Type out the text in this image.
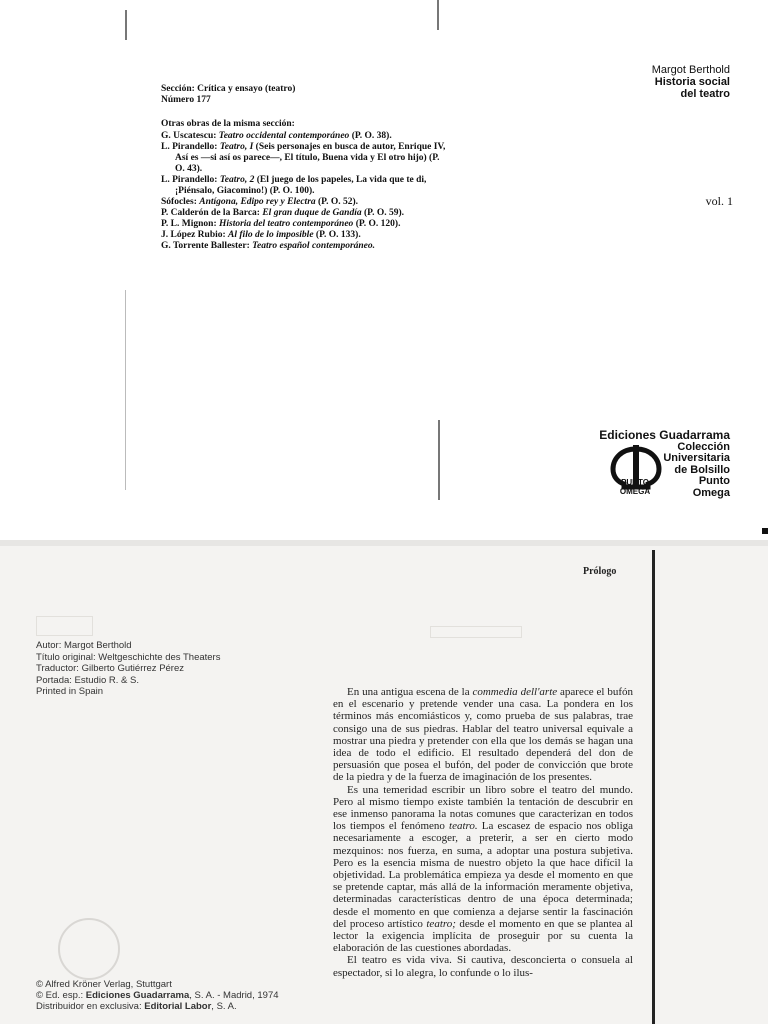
Sección: Crítica y ensayo (teatro)
Número 177
Otras obras de la misma sección:

G. Uscatescu: Teatro occidental contemporáneo (P. O. 38).

L. Pirandello: Teatro, I (Seis personajes en busca de autor, Enrique IV, Así es —si así os parece—, El título, Buena vida y El otro hijo) (P. O. 43).

L. Pirandello: Teatro, 2 (El juego de los papeles, La vida que te di, ¡Piénsalo, Giacomino!) (P. O. 100).

Sófocles: Antígona, Edipo rey y Electra (P. O. 52).

P. Calderón de la Barca: El gran duque de Gandía (P. O. 59).

P. L. Mignon: Historia del teatro contemporáneo (P. O. 120).

J. López Rubio: Al filo de lo imposible (P. O. 133).

G. Torrente Ballester: Teatro español contemporáneo.

Margot Berthold
Historia social
del teatro
vol. 1
PUNTO
OMEGA
Ediciones Guadarrama
Colección
Universitaria
de Bolsillo
Punto
Omega
Autor: Margot Berthold
Título original: Weltgeschichte des Theaters
Traductor: Gilberto Gutiérrez Pérez
Portada: Estudio R. & S.
Printed in Spain
© Alfred Kröner Verlag, Stuttgart
© Ed. esp.: Ediciones Guadarrama, S. A. - Madrid, 1974
Distribuidor en exclusiva: Editorial Labor, S. A.
Prólogo

En una antigua escena de la commedia dell'arte aparece el bufón en el escenario y pretende vender una casa. La pondera en los términos más encomiásticos y, como prueba de sus palabras, trae consigo una de sus piedras. Hablar del teatro universal equivale a mostrar una piedra y pretender con ella que los demás se hagan una idea de todo el edificio. El resultado dependerá del don de persuasión que posea el bufón, del poder de convicción que brote de la piedra y de la fuerza de imaginación de los presentes.

Es una temeridad escribir un libro sobre el teatro del mundo. Pero al mismo tiempo existe también la tentación de descubrir en ese inmenso panorama la notas comunes que caracterizan en todos los tiempos el fenómeno teatro. La escasez de espacio nos obliga necesariamente a escoger, a preterir, a ser en cierto modo mezquinos: nos fuerza, en suma, a adoptar una postura subjetiva. Pero es la esencia misma de nuestro objeto la que hace difícil la objetividad. La problemática empieza ya desde el momento en que se pretende captar, más allá de la información meramente objetiva, determinadas características dentro de una época determinada; desde el momento en que comienza a dejarse sentir la fascinación del proceso artístico teatro; desde el momento en que se plantea al lector la exigencia implícita de proseguir por su cuenta la elaboración de las cuestiones abordadas.

El teatro es vida viva. Si cautiva, desconcierta o consuela al espectador, si lo alegra, lo confunde o lo ilus-
